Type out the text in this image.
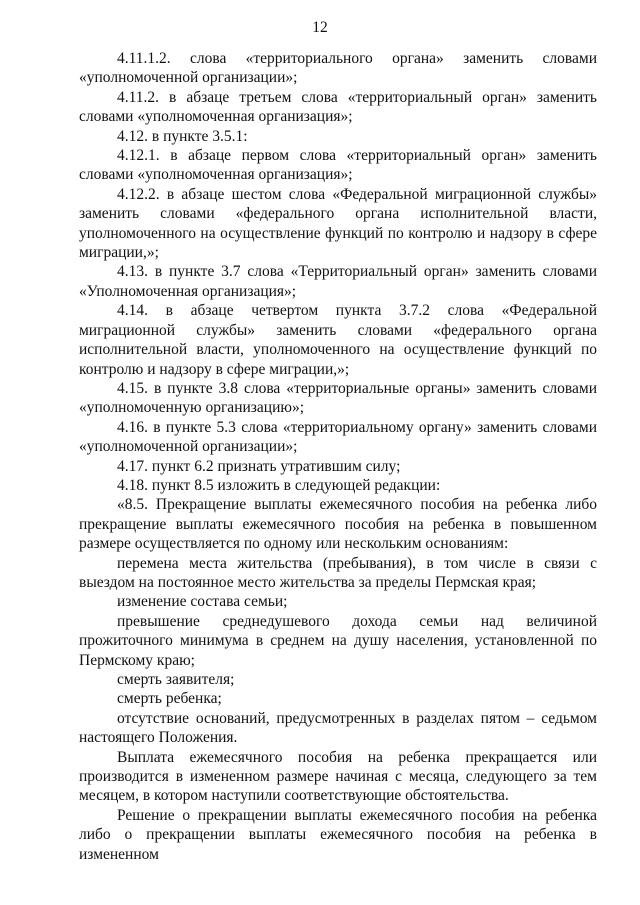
12

4.11.1.2. слова «территориального органа» заменить словами «уполномоченной организации»;

4.11.2. в абзаце третьем слова «территориальный орган» заменить словами «уполномоченная организация»;

4.12. в пункте 3.5.1:

4.12.1. в абзаце первом слова «территориальный орган» заменить словами «уполномоченная организация»;

4.12.2. в абзаце шестом слова «Федеральной миграционной службы» заменить словами «федерального органа исполнительной власти, уполномоченного на осуществление функций по контролю и надзору в сфере миграции,»;

4.13. в пункте 3.7 слова «Территориальный орган» заменить словами «Уполномоченная организация»;

4.14. в абзаце четвертом пункта 3.7.2 слова «Федеральной миграционной службы» заменить словами «федерального органа исполнительной власти, уполномоченного на осуществление функций по контролю и надзору в сфере миграции,»;

4.15. в пункте 3.8 слова «территориальные органы» заменить словами «уполномоченную организацию»;

4.16. в пункте 5.3 слова «территориальному органу» заменить словами «уполномоченной организации»;

4.17. пункт 6.2 признать утратившим силу;

4.18. пункт 8.5 изложить в следующей редакции:

«8.5. Прекращение выплаты ежемесячного пособия на ребенка либо прекращение выплаты ежемесячного пособия на ребенка в повышенном размере осуществляется по одному или нескольким основаниям:

перемена места жительства (пребывания), в том числе в связи с выездом на постоянное место жительства за пределы Пермская края;

изменение состава семьи;

превышение среднедушевого дохода семьи над величиной прожиточного минимума в среднем на душу населения, установленной по Пермскому краю;

смерть заявителя;

смерть ребенка;

отсутствие оснований, предусмотренных в разделах пятом – седьмом настоящего Положения.

Выплата ежемесячного пособия на ребенка прекращается или производится в измененном размере начиная с месяца, следующего за тем месяцем, в котором наступили соответствующие обстоятельства.

Решение о прекращении выплаты ежемесячного пособия на ребенка либо о прекращении выплаты ежемесячного пособия на ребенка в измененном
